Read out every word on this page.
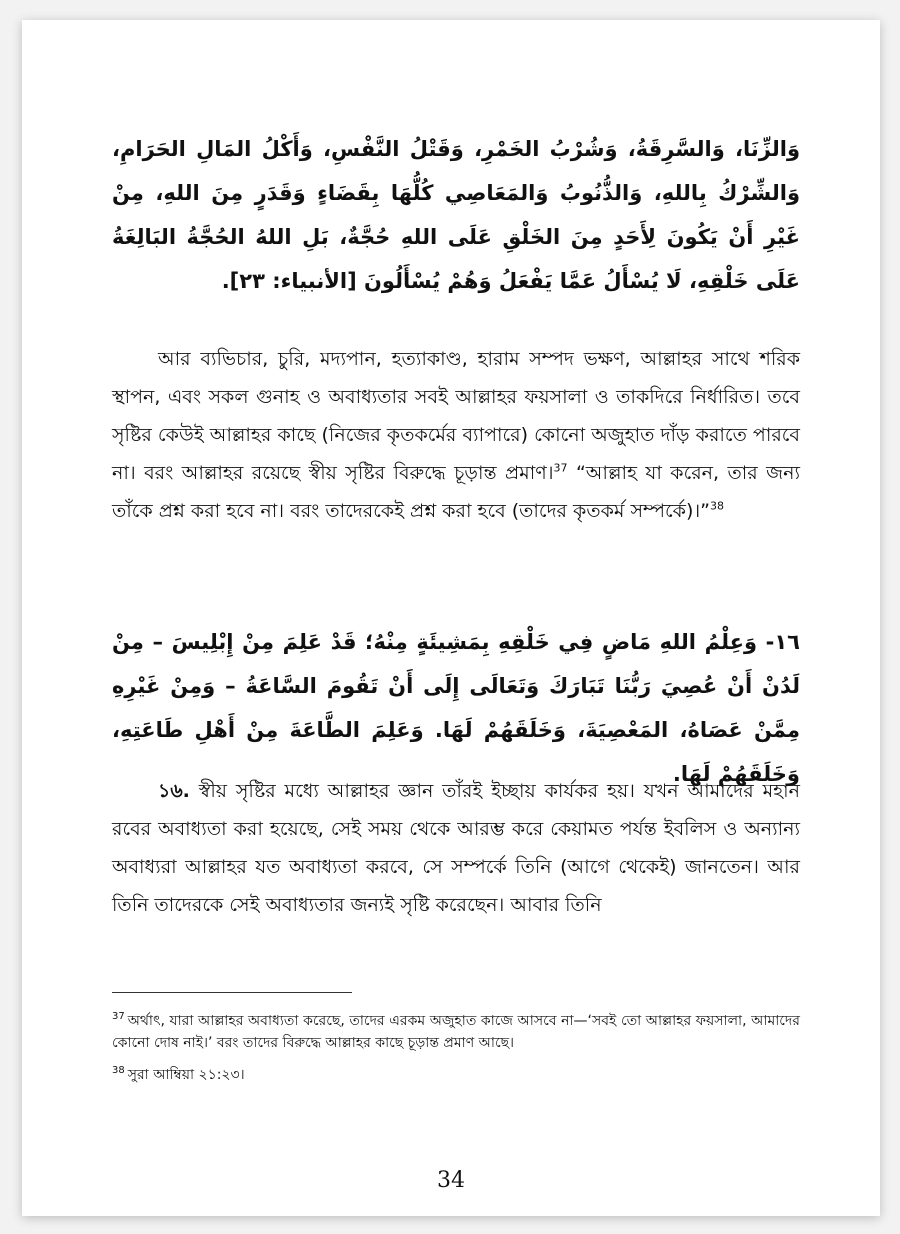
وَالزِّنَا، وَالسَّرِقَةُ، وَشُرْبُ الخَمْرِ، وَقَتْلُ النَّفْسِ، وَأَكْلُ المَالِ الحَرَامِ، وَالشِّرْكُ بِاللهِ، وَالذُّنُوبُ وَالمَعَاصِي كُلُّهَا بِقَضَاءٍ وَقَدَرٍ مِنَ اللهِ، مِنْ غَيْرِ أَنْ يَكُونَ لِأَحَدٍ مِنَ الخَلْقِ عَلَى اللهِ حُجَّةٌ، بَلِ اللهُ الحُجَّةُ البَالِغَةُ عَلَى خَلْقِهِ، لَا يُسْأَلُ عَمَّا يَفْعَلُ وَهُمْ يُسْأَلُونَ [الأنبياء: ٢٣].

আর ব্যভিচার, চুরি, মদ্যপান, হত্যাকাণ্ড, হারাম সম্পদ ভক্ষণ, আল্লাহর সাথে শরিক স্থাপন, এবং সকল গুনাহ ও অবাধ্যতার সবই আল্লাহর ফয়সালা ও তাকদিরে নির্ধারিত। তবে সৃষ্টির কেউই আল্লাহর কাছে (নিজের কৃতকর্মের ব্যাপারে) কোনো অজুহাত দাঁড় করাতে পারবে না। বরং আল্লাহর রয়েছে স্বীয় সৃষ্টির বিরুদ্ধে চূড়ান্ত প্রমাণ।$^{37}$ “আল্লাহ যা করেন, তার জন্য তাঁকে প্রশ্ন করা হবে না। বরং তাদেরকেই প্রশ্ন করা হবে (তাদের কৃতকর্ম সম্পর্কে)।”$^{38}$

١٦- وَعِلْمُ اللهِ مَاضٍ فِي خَلْقِهِ بِمَشِيئَةٍ مِنْهُ؛ قَدْ عَلِمَ مِنْ إِبْلِيسَ – مِنْ لَدُنْ أَنْ عُصِيَ رَبُّنَا تَبَارَكَ وَتَعَالَى إِلَى أَنْ تَقُومَ السَّاعَةُ – وَمِنْ غَيْرِهِ مِمَّنْ عَصَاهُ، المَعْصِيَةَ، وَخَلَقَهُمْ لَهَا. وَعَلِمَ الطَّاعَةَ مِنْ أَهْلِ طَاعَتِهِ، وَخَلَقَهُمْ لَهَا.

১৬. স্বীয় সৃষ্টির মধ্যে আল্লাহর জ্ঞান তাঁরই ইচ্ছায় কার্যকর হয়। যখন আমাদের মহান রবের অবাধ্যতা করা হয়েছে, সেই সময় থেকে আরম্ভ করে কেয়ামত পর্যন্ত ইবলিস ও অন্যান্য অবাধ্যরা আল্লাহর যত অবাধ্যতা করবে, সে সম্পর্কে তিনি (আগে থেকেই) জানতেন। আর তিনি তাদেরকে সেই অবাধ্যতার জন্যই সৃষ্টি করেছেন। আবার তিনি

$^{37}$ অর্থাৎ, যারা আল্লাহর অবাধ্যতা করেছে, তাদের এরকম অজুহাত কাজে আসবে না—‘সবই তো আল্লাহর ফয়সালা, আমাদের কোনো দোষ নাই।’ বরং তাদের বিরুদ্ধে আল্লাহর কাছে চূড়ান্ত প্রমাণ আছে।

$^{38}$ সুরা আম্বিয়া ২১:২৩।

34
